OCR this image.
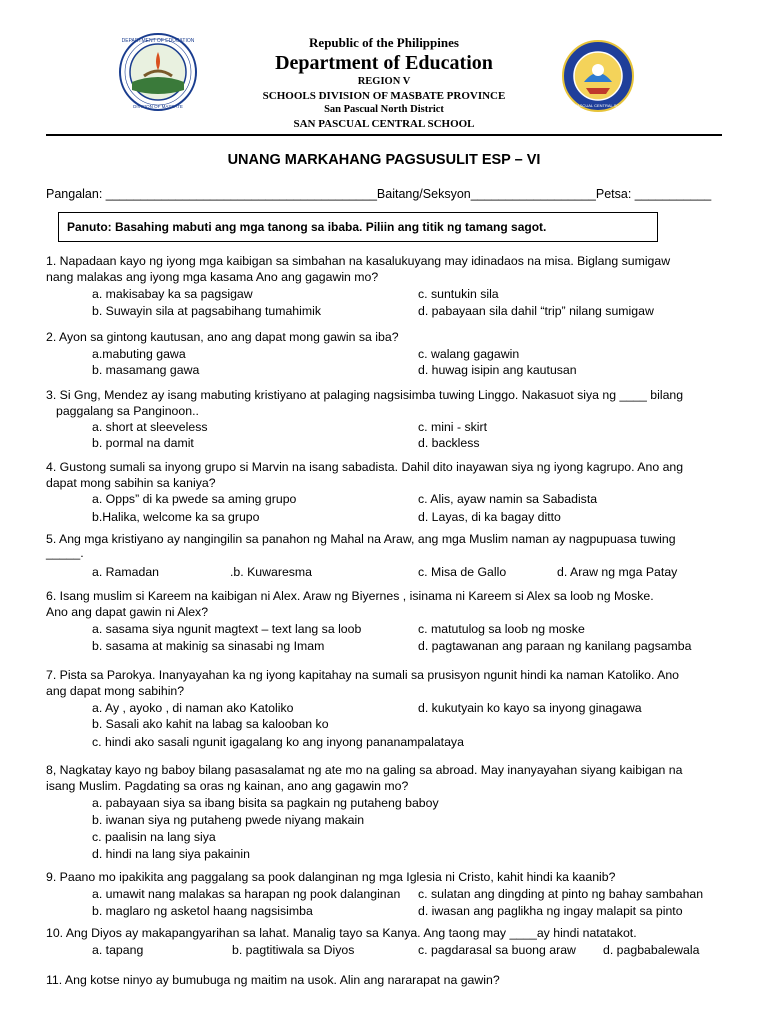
DEPARTMENT OF EDUCATION
DIVISION OF MASBATE	SAN PASCUAL CENTRAL SCHOOL
Republic of the Philippines
Department of Education
REGION V
SCHOOLS DIVISION OF MASBATE PROVINCE
San Pascual North District
SAN PASCUAL CENTRAL SCHOOL
UNANG MARKAHANG PAGSUSULIT ESP – VI
Pangalan: _______________________________________Baitang/Seksyon__________________Petsa: ___________
Panuto: Basahing mabuti ang mga tanong sa ibaba. Piliin ang titik ng tamang sagot.
1. Napadaan kayo ng iyong mga kaibigan sa simbahan na kasalukuyang may idinadaos na misa. Biglang sumigaw
nang malakas ang iyong mga kasama Ano ang gagawin mo?
a. makisabay ka sa pagsigaw	c. suntukin sila
b. Suwayin sila at pagsabihang tumahimik	d. pabayaan sila dahil “trip” nilang sumigaw
2. Ayon sa gintong kautusan, ano ang dapat mong gawin sa iba?
a.mabuting gawa	c. walang gagawin
b. masamang gawa	d. huwag isipin ang kautusan
3. Si Gng, Mendez ay isang mabuting kristiyano at palaging nagsisimba tuwing Linggo. Nakasuot siya ng ____ bilang
paggalang sa Panginoon..
a. short at sleeveless	c. mini - skirt
b. pormal na damit	d. backless
4. Gustong sumali sa inyong grupo si Marvin na isang sabadista. Dahil dito inayawan siya ng iyong kagrupo. Ano ang
dapat mong sabihin sa kaniya?
a. Opps” di ka pwede sa aming grupo	c. Alis, ayaw namin sa Sabadista
b.Halika, welcome ka sa grupo	d. Layas, di ka bagay ditto
5. Ang mga kristiyano ay nangingilin sa panahon ng Mahal na Araw, ang mga Muslim naman ay nagpupuasa tuwing
_____.
a. Ramadan	.b. Kuwaresma	c. Misa de Gallo	d. Araw ng mga Patay
6. Isang muslim si Kareem na kaibigan ni Alex. Araw ng Biyernes , isinama ni Kareem si Alex sa loob ng Moske.
Ano ang dapat gawin ni Alex?
a. sasama siya ngunit magtext – text lang sa loob	c. matutulog sa loob ng moske
b. sasama at makinig sa sinasabi ng Imam	d. pagtawanan ang paraan ng kanilang pagsamba
7. Pista sa Parokya. Inanyayahan ka ng iyong kapitahay na sumali sa prusisyon ngunit hindi ka naman Katoliko. Ano
ang dapat mong sabihin?
a. Ay , ayoko , di naman ako Katoliko	d. kukutyain ko kayo sa inyong ginagawa
b. Sasali ako kahit na labag sa kalooban ko
c. hindi ako sasali ngunit igagalang ko ang inyong pananampalataya
8, Nagkatay kayo ng baboy bilang pasasalamat ng ate mo na galing sa abroad. May inanyayahan siyang kaibigan na
isang Muslim. Pagdating sa oras ng kainan, ano ang gagawin mo?
a. pabayaan siya sa ibang bisita sa pagkain ng putaheng baboy
b. iwanan siya ng putaheng pwede niyang makain
c. paalisin na lang siya
d. hindi na lang siya pakainin
9. Paano mo ipakikita ang paggalang sa pook dalanginan ng mga Iglesia ni Cristo, kahit hindi ka kaanib?
a. umawit nang malakas sa harapan ng pook dalanginan c. sulatan ang dingding at pinto ng bahay sambahan
b. maglaro ng asketol haang nagsisimba	d. iwasan ang paglikha ng ingay malapit sa pinto
10. Ang Diyos ay makapangyarihan sa lahat. Manalig tayo sa Kanya. Ang taong may ____ay hindi natatakot.
a. tapang	b. pagtitiwala sa Diyos	c. pagdarasal sa buong araw d. pagbabalewala
11. Ang kotse ninyo ay bumubuga ng maitim na usok. Alin ang nararapat na gawin?
